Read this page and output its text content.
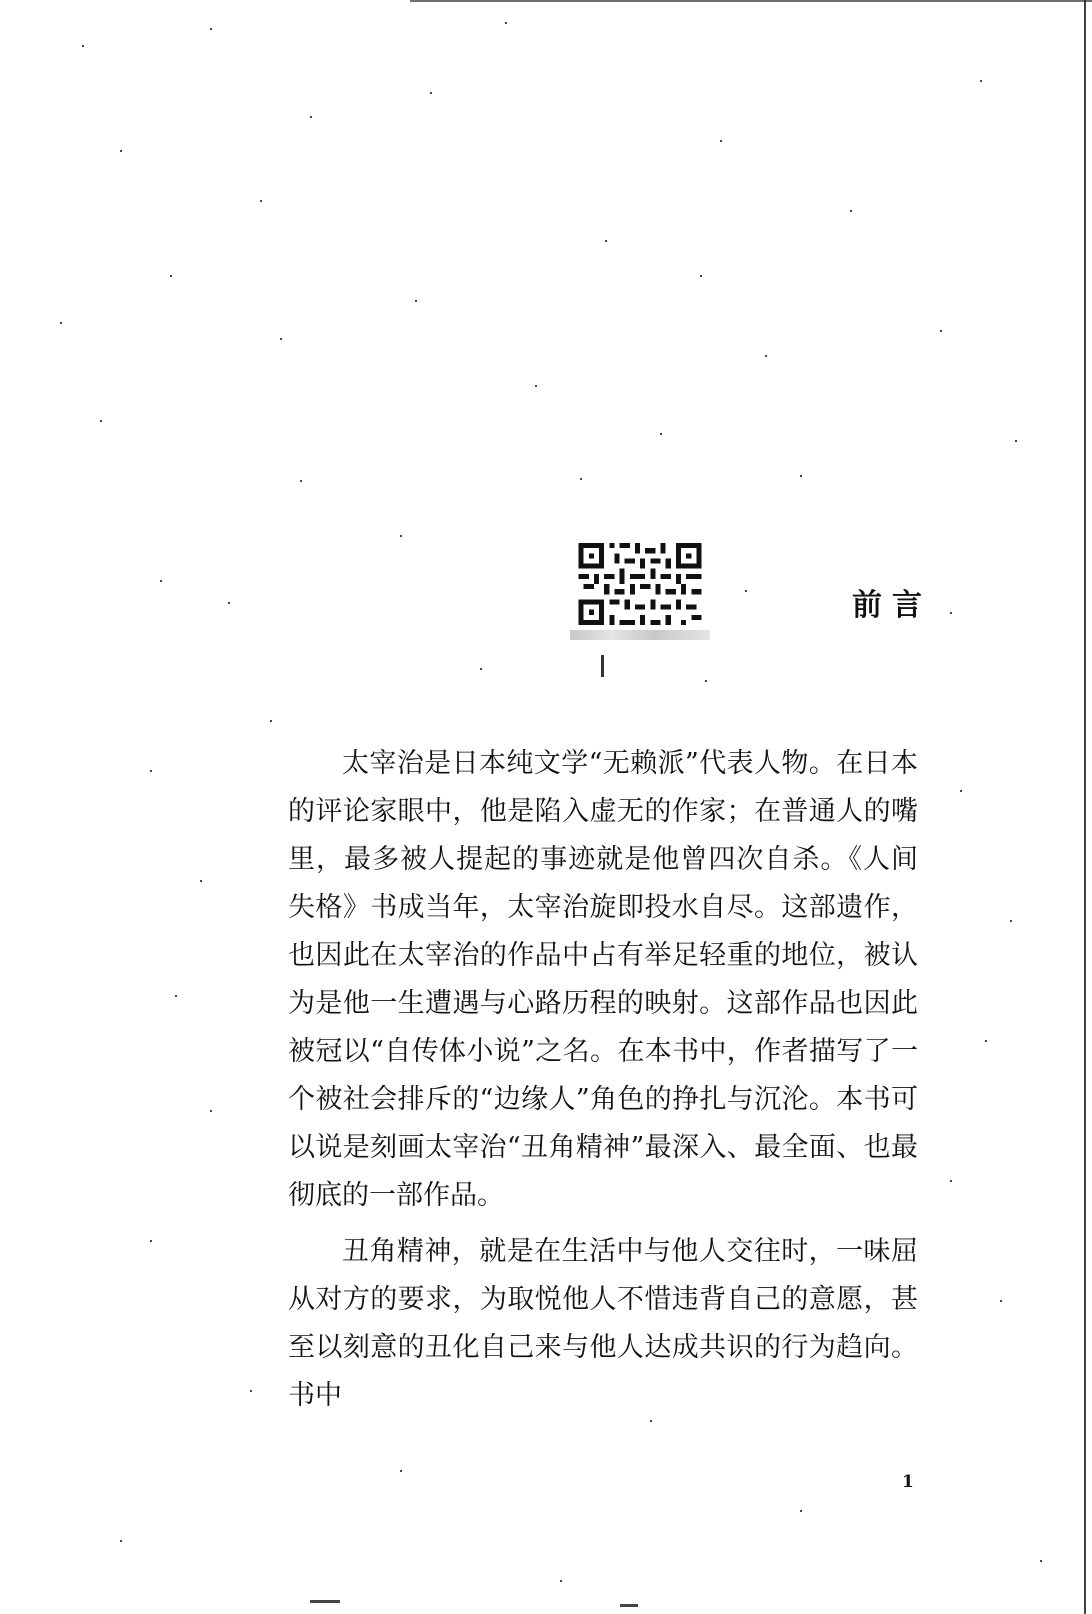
前言

太宰治是日本纯文学“无赖派”代表人物。在日本的评论家眼中，他是陷入虚无的作家；在普通人的嘴里，最多被人提起的事迹就是他曾四次自杀。《人间失格》书成当年，太宰治旋即投水自尽。这部遗作，也因此在太宰治的作品中占有举足轻重的地位，被认为是他一生遭遇与心路历程的映射。这部作品也因此被冠以“自传体小说”之名。在本书中，作者描写了一个被社会排斥的“边缘人”角色的挣扎与沉沦。本书可以说是刻画太宰治“丑角精神”最深入、最全面、也最彻底的一部作品。

丑角精神，就是在生活中与他人交往时，一味屈从对方的要求，为取悦他人不惜违背自己的意愿，甚至以刻意的丑化自己来与他人达成共识的行为趋向。书中

1
